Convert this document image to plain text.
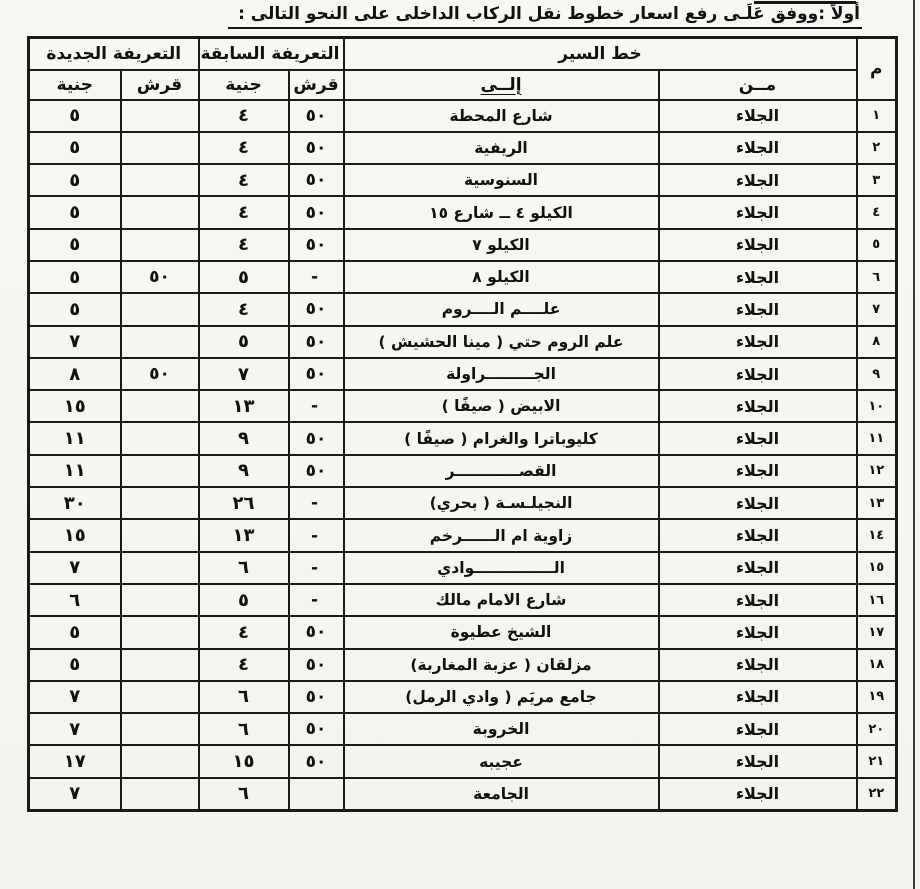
أولاً :ووفق عَلَـى رفع اسعار خطوط نقل الركاب الداخلى على النحو التالى :
م	خط السير		التعريفة السابقة		التعريفة الجديدة	
	مــن	إلــى	قرش	جنية	قرش	جنية
١	الجلاء	شارع المحطة	٥٠	٤		٥
٢	الجلاء	الريفية	٥٠	٤		٥
٣	الجلاء	السنوسية	٥٠	٤		٥
٤	الجلاء	الكيلو ٤ ــ شارع ١٥	٥٠	٤		٥
٥	الجلاء	الكيلو ٧	٥٠	٤		٥
٦	الجلاء	الكيلو ٨	-	٥	٥٠	٥
٧	الجلاء	علــــم الــــروم	٥٠	٤		٥
٨	الجلاء	علم الروم حتي ( مينا الحشيش )	٥٠	٥		٧
٩	الجلاء	الجـــــــــراولة	٥٠	٧	٥٠	٨
١٠	الجلاء	الابيض ( صيفًا )	-	١٣		١٥
١١	الجلاء	كليوباترا والغرام ( صيفًا )	٥٠	٩		١١
١٢	الجلاء	القصــــــــــــر	٥٠	٩		١١
١٣	الجلاء	النجيلـسـة ( بحري)	-	٢٦		٣٠
١٤	الجلاء	زاوية ام الــــــرخم	-	١٣		١٥
١٥	الجلاء	الـــــــــــــــوادي	-	٦		٧
١٦	الجلاء	شارع الامام مالك	-	٥		٦
١٧	الجلاء	الشيخ عطيوة	٥٠	٤		٥
١٨	الجلاء	مزلقان ( عزبة المغاربة)	٥٠	٤		٥
١٩	الجلاء	جامع مريَم ( وادي الرمل)	٥٠	٦		٧
٢٠	الجلاء	الخروبة	٥٠	٦		٧
٢١	الجلاء	عجيبه	٥٠	١٥		١٧
٢٢	الجلاء	الجامعة		٦		٧
